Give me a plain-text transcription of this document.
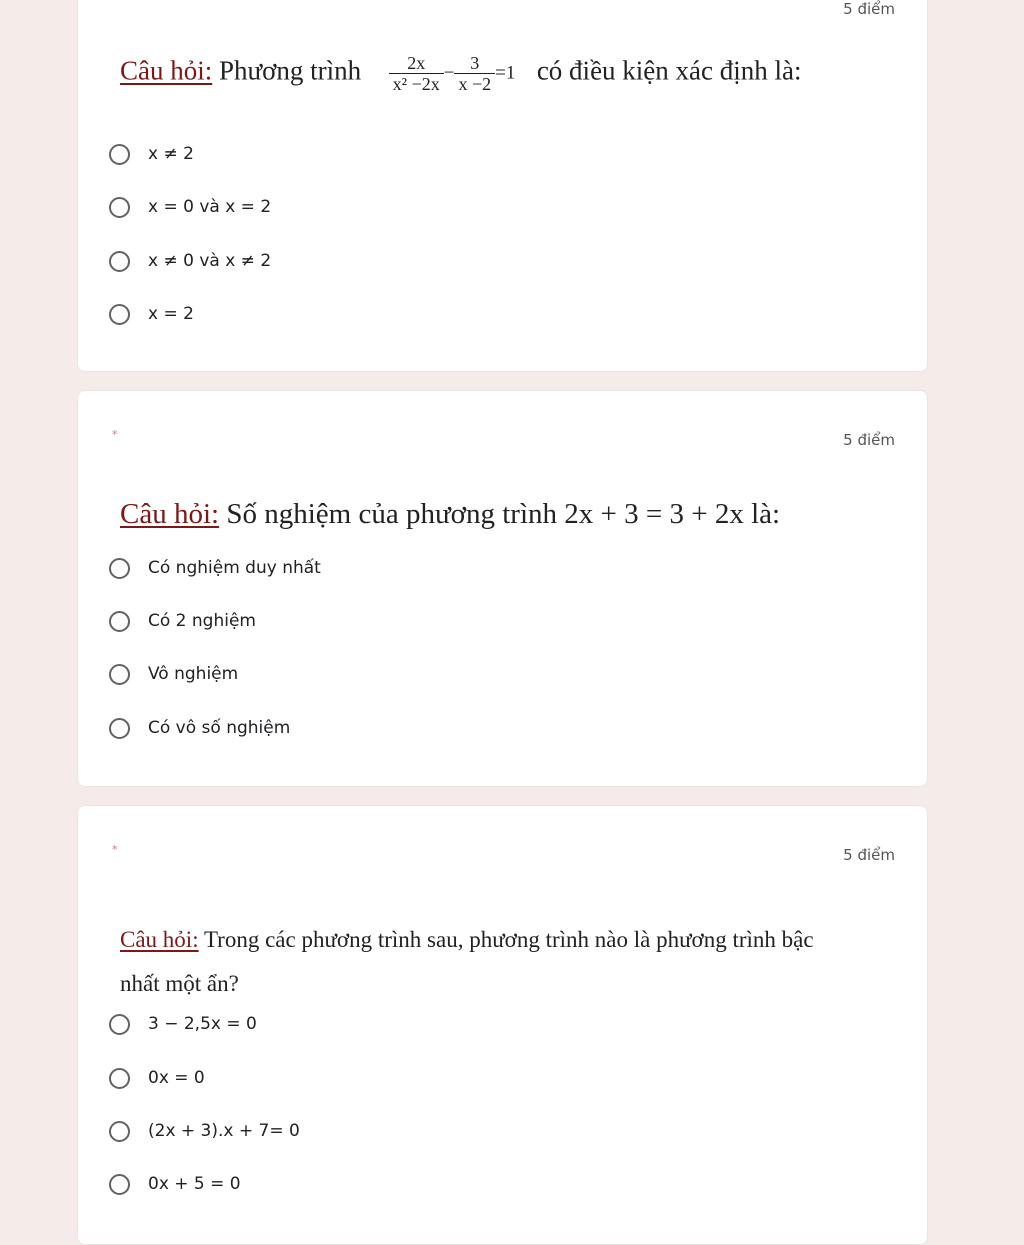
5 điểm
Câu hỏi: Phương trình $\frac{2x}{\text{x² −2x}} - \frac{3}{x -2} =1$ có điều kiện xác định là:
x ≠ 2
x = 0 và x = 2
x ≠ 0 và x ≠ 2
x = 2
*	5 điểm
Câu hỏi: Số nghiệm của phương trình 2x + 3 = 3 + 2x là:
Có nghiệm duy nhất
Có 2 nghiệm
Vô nghiệm
Có vô số nghiệm
*	5 điểm
Câu hỏi: Trong các phương trình sau, phương trình nào là phương trình bậc
nhất một ẩn?
3 − 2,5x = 0
0x = 0
(2x + 3).x + 7= 0
0x + 5 = 0
